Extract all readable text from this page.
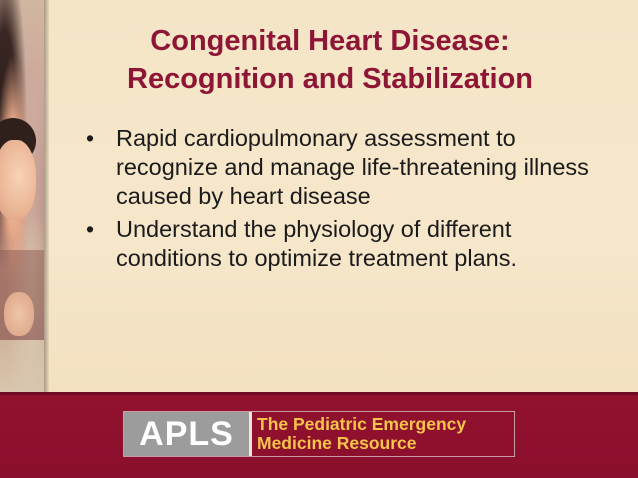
Congenital Heart Disease:
Recognition and Stabilization
• Rapid cardiopulmonary assessment to recognize and manage life-threatening illness caused by heart disease
• Understand the physiology of different conditions to optimize treatment plans.
APLS	The Pediatric Emergency
Medicine Resource
